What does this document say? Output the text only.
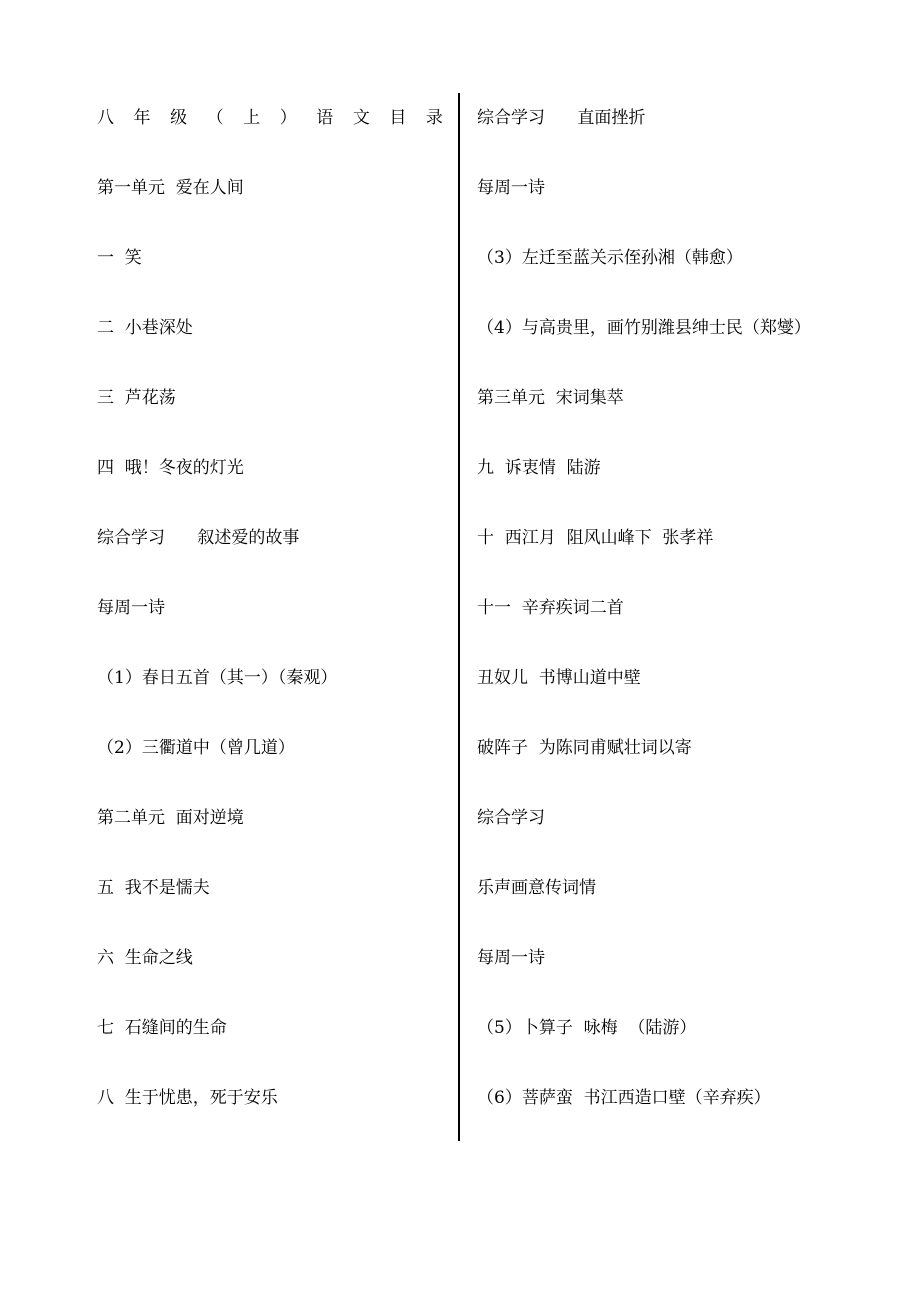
八 年 级 （ 上 ） 语 文 目 录
第一单元  爱在人间
一  笑
二  小巷深处
三  芦花荡
四  哦！冬夜的灯光
综合学习      叙述爱的故事
每周一诗
（1）春日五首（其一）（秦观）
（2）三衢道中（曾几道）
第二单元  面对逆境
五  我不是懦夫
六  生命之线
七  石缝间的生命
八  生于忧患，死于安乐
综合学习      直面挫折
每周一诗
（3）左迁至蓝关示侄孙湘（韩愈）
（4）与高贵里，画竹别潍县绅士民（郑燮）
第三单元  宋词集萃
九  诉衷情  陆游
十  西江月  阻风山峰下  张孝祥
十一  辛弃疾词二首
丑奴儿  书博山道中壁
破阵子  为陈同甫赋壮词以寄
综合学习
乐声画意传词情
每周一诗
（5）卜算子  咏梅  （陆游）
（6）菩萨蛮  书江西造口壁（辛弃疾）
